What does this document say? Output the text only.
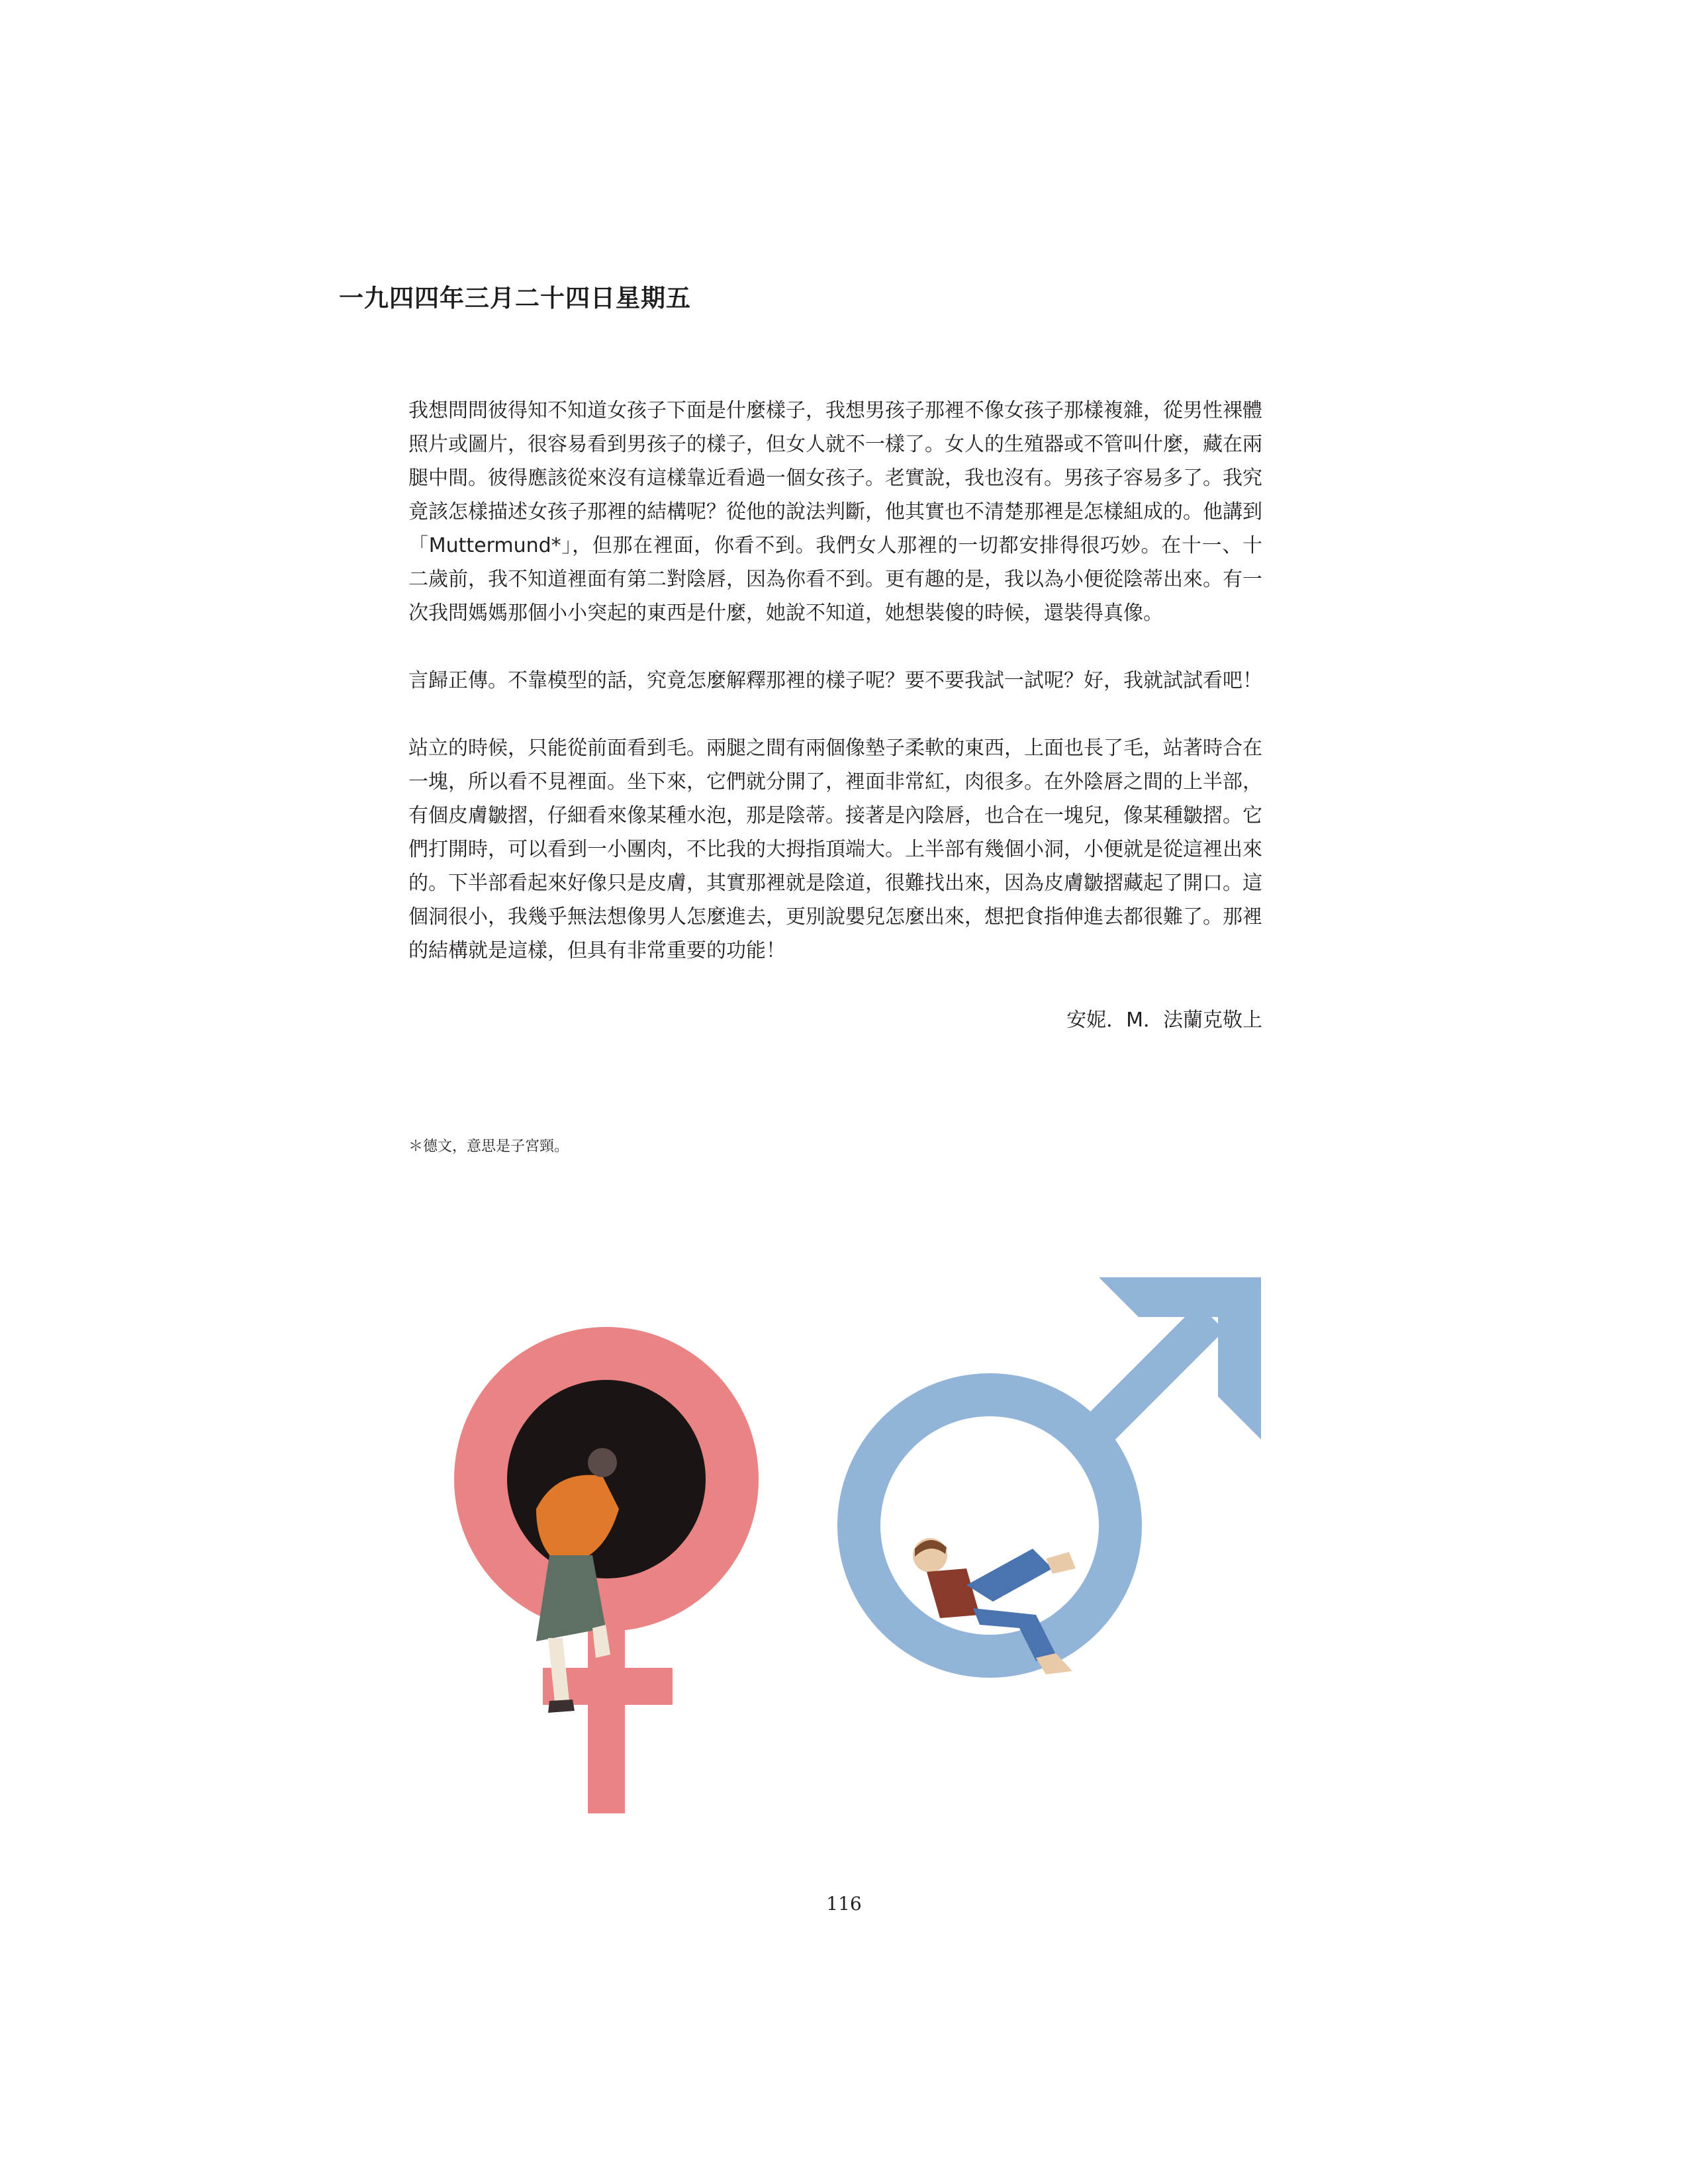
一九四四年三月二十四日星期五

我想問問彼得知不知道女孩子下面是什麼樣子，我想男孩子那裡不像女孩子那樣複雜，從男性裸體照片或圖片，很容易看到男孩子的樣子，但女人就不一樣了。女人的生殖器或不管叫什麼，藏在兩腿中間。彼得應該從來沒有這樣靠近看過一個女孩子。老實說，我也沒有。男孩子容易多了。我究竟該怎樣描述女孩子那裡的結構呢？從他的說法判斷，他其實也不清楚那裡是怎樣組成的。他講到「Muttermund*」，但那在裡面，你看不到。我們女人那裡的一切都安排得很巧妙。在十一、十二歲前，我不知道裡面有第二對陰唇，因為你看不到。更有趣的是，我以為小便從陰蒂出來。有一次我問媽媽那個小小突起的東西是什麼，她說不知道，她想裝傻的時候，還裝得真像。

言歸正傳。不靠模型的話，究竟怎麼解釋那裡的樣子呢？要不要我試一試呢？好，我就試試看吧！

站立的時候，只能從前面看到毛。兩腿之間有兩個像墊子柔軟的東西，上面也長了毛，站著時合在一塊，所以看不見裡面。坐下來，它們就分開了，裡面非常紅，肉很多。在外陰唇之間的上半部，有個皮膚皺摺，仔細看來像某種水泡，那是陰蒂。接著是內陰唇，也合在一塊兒，像某種皺摺。它們打開時，可以看到一小團肉，不比我的大拇指頂端大。上半部有幾個小洞，小便就是從這裡出來的。下半部看起來好像只是皮膚，其實那裡就是陰道，很難找出來，因為皮膚皺摺藏起了開口。這個洞很小，我幾乎無法想像男人怎麼進去，更別說嬰兒怎麼出來，想把食指伸進去都很難了。那裡的結構就是這樣，但具有非常重要的功能！

安妮．M．法蘭克敬上
＊德文，意思是子宮頸。
116
